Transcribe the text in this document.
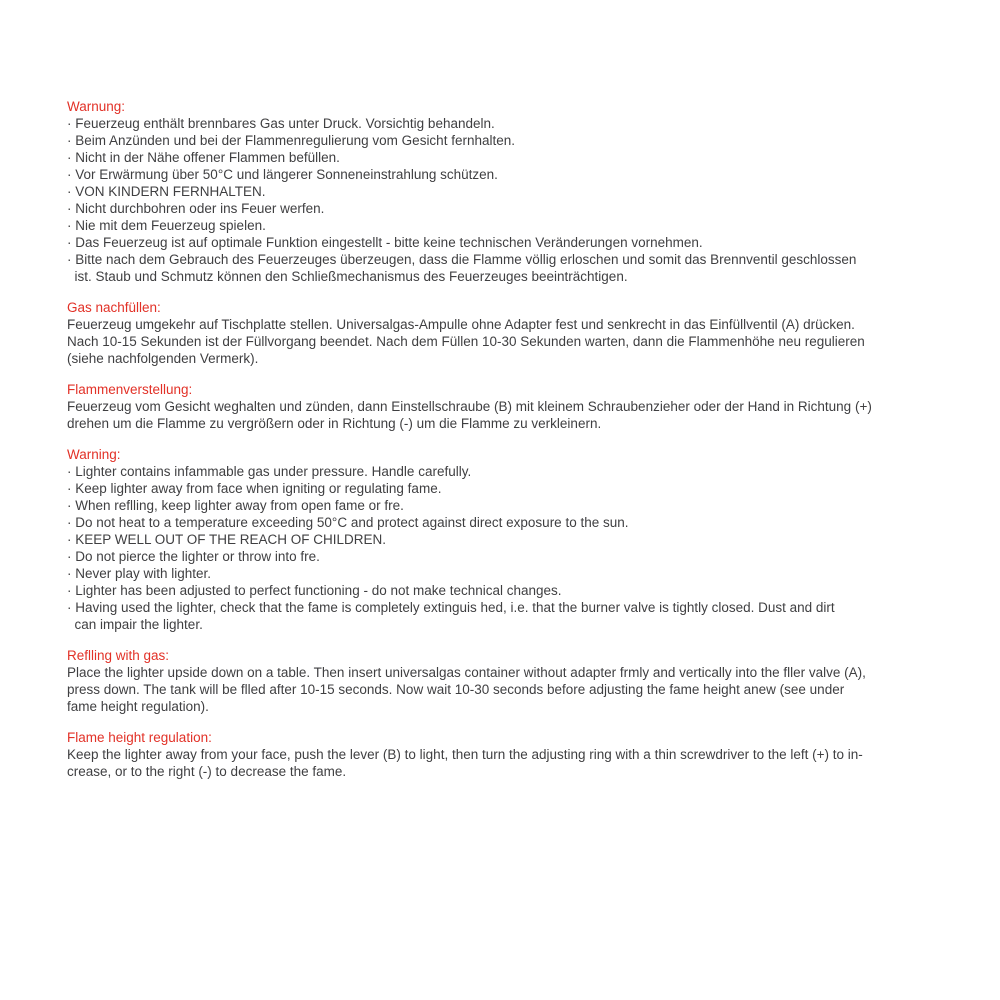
Warnung:
· Feuerzeug enthält brennbares Gas unter Druck. Vorsichtig behandeln.
· Beim Anzünden und bei der Flammenregulierung vom Gesicht fernhalten.
· Nicht in der Nähe offener Flammen befüllen.
· Vor Erwärmung über 50°C und längerer Sonneneinstrahlung schützen.
· VON KINDERN FERNHALTEN.
· Nicht durchbohren oder ins Feuer werfen.
· Nie mit dem Feuerzeug spielen.
· Das Feuerzeug ist auf optimale Funktion eingestellt - bitte keine technischen Veränderungen vornehmen.
· Bitte nach dem Gebrauch des Feuerzeuges überzeugen, dass die Flamme völlig erloschen und somit das Brennventil geschlossen
ist. Staub und Schmutz können den Schließmechanismus des Feuerzeuges beeinträchtigen.
Gas nachfüllen:
Feuerzeug umgekehr auf Tischplatte stellen. Universalgas-Ampulle ohne Adapter fest und senkrecht in das Einfüllventil (A) drücken.
Nach 10-15 Sekunden ist der Füllvorgang beendet. Nach dem Füllen 10-30 Sekunden warten, dann die Flammenhöhe neu regulieren
(siehe nachfolgenden Vermerk).
Flammenverstellung:
Feuerzeug vom Gesicht weghalten und zünden, dann Einstellschraube (B) mit kleinem Schraubenzieher oder der Hand in Richtung (+)
drehen um die Flamme zu vergrößern oder in Richtung (-) um die Flamme zu verkleinern.
Warning:
· Lighter contains infammable gas under pressure. Handle carefully.
· Keep lighter away from face when igniting or regulating fame.
· When reflling, keep lighter away from open fame or fre.
· Do not heat to a temperature exceeding 50°C and protect against direct exposure to the sun.
· KEEP WELL OUT OF THE REACH OF CHILDREN.
· Do not pierce the lighter or throw into fre.
· Never play with lighter.
· Lighter has been adjusted to perfect functioning - do not make technical changes.
· Having used the lighter, check that the fame is completely extinguis hed, i.e. that the burner valve is tightly closed. Dust and dirt
can impair the lighter.
Reflling with gas:
Place the lighter upside down on a table. Then insert universalgas container without adapter frmly and vertically into the fller valve (A),
press down. The tank will be flled after 10-15 seconds. Now wait 10-30 seconds before adjusting the fame height anew (see under
fame height regulation).
Flame height regulation:
Keep the lighter away from your face, push the lever (B) to light, then turn the adjusting ring with a thin screwdriver to the left (+) to in-
crease, or to the right (-) to decrease the fame.
